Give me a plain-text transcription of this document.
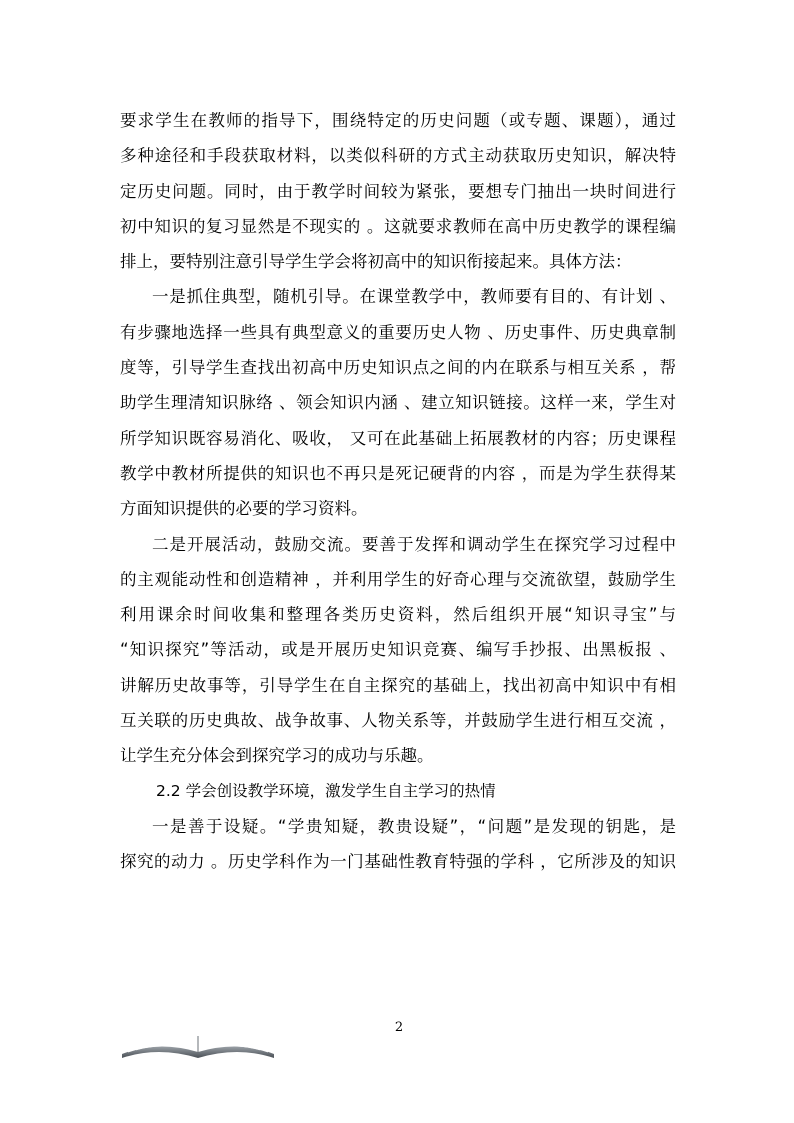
要求学生在教师的指导下，围绕特定的历史问题（或专题、课题），通过
多种途径和手段获取材料，以类似科研的方式主动获取历史知识，解决特
定历史问题。同时，由于教学时间较为紧张，要想专门抽出一块时间进行
初中知识的复习显然是不现实的 。这就要求教师在高中历史教学的课程编
排上，要特别注意引导学生学会将初高中的知识衔接起来。具体方法：
一是抓住典型，随机引导。在课堂教学中，教师要有目的、有计划 、
有步骤地选择一些具有典型意义的重要历史人物 、历史事件、历史典章制
度等，引导学生查找出初高中历史知识点之间的内在联系与相互关系 ，帮
助学生理清知识脉络 、领会知识内涵 、建立知识链接。这样一来，学生对
所学知识既容易消化、吸收， 又可在此基础上拓展教材的内容；历史课程
教学中教材所提供的知识也不再只是死记硬背的内容 ，而是为学生获得某
方面知识提供的必要的学习资料。
二是开展活动，鼓励交流。要善于发挥和调动学生在探究学习过程中
的主观能动性和创造精神 ，并利用学生的好奇心理与交流欲望，鼓励学生
利用课余时间收集和整理各类历史资料，然后组织开展“知识寻宝”与
“知识探究”等活动，或是开展历史知识竞赛、编写手抄报、出黑板报 、
讲解历史故事等，引导学生在自主探究的基础上，找出初高中知识中有相
互关联的历史典故、战争故事、人物关系等，并鼓励学生进行相互交流 ，
让学生充分体会到探究学习的成功与乐趣。
2.2 学会创设教学环境，激发学生自主学习的热情
一是善于设疑。“学贵知疑，教贵设疑”，“问题”是发现的钥匙，是
探究的动力 。历史学科作为一门基础性教育特强的学科 ，它所涉及的知识
2
